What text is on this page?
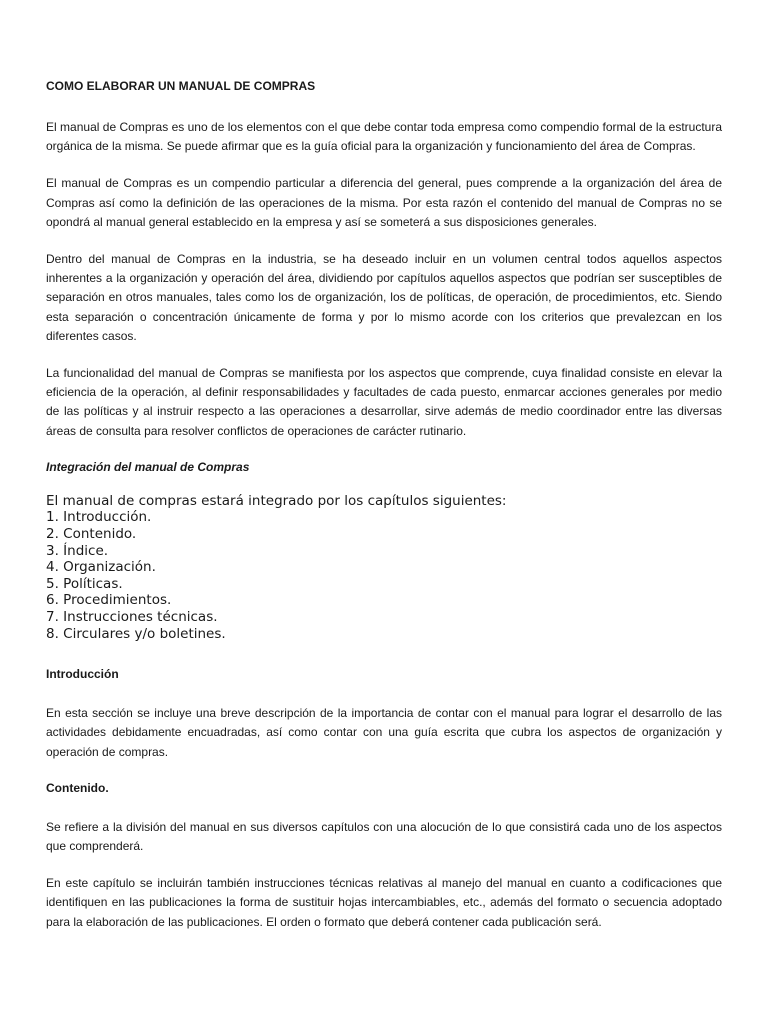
COMO ELABORAR UN MANUAL DE COMPRAS

El manual de Compras es uno de los elementos con el que debe contar toda empresa como compendio formal de la estructura orgánica de la misma. Se puede afirmar que es la guía oficial para la organización y funcionamiento del área de Compras.

El manual de Compras es un compendio particular a diferencia del general, pues comprende a la organización del área de Compras así como la definición de las operaciones de la misma. Por esta razón el contenido del manual de Compras no se opondrá al manual general establecido en la empresa y así se someterá a sus disposiciones generales.

Dentro del manual de Compras en la industria, se ha deseado incluir en un volumen central todos aquellos aspectos inherentes a la organización y operación del área, dividiendo por capítulos aquellos aspectos que podrían ser susceptibles de separación en otros manuales, tales como los de organización, los de políticas, de operación, de procedimientos, etc. Siendo esta separación o concentración únicamente de forma y por lo mismo acorde con los criterios que prevalezcan en los diferentes casos.

La funcionalidad del manual de Compras se manifiesta por los aspectos que comprende, cuya finalidad consiste en elevar la eficiencia de la operación, al definir responsabilidades y facultades de cada puesto, enmarcar acciones generales por medio de las políticas y al instruir respecto a las operaciones a desarrollar, sirve además de medio coordinador entre las diversas áreas de consulta para resolver conflictos de operaciones de carácter rutinario.

Integración del manual de Compras
El manual de compras estará integrado por los capítulos siguientes:
1. Introducción.
2. Contenido.
3. Índice.
4. Organización.
5. Políticas.
6. Procedimientos.
7. Instrucciones técnicas.
8. Circulares y/o boletines.
Introducción

En esta sección se incluye una breve descripción de la importancia de contar con el manual para lograr el desarrollo de las actividades debidamente encuadradas, así como contar con una guía escrita que cubra los aspectos de organización y operación de compras.

Contenido.

Se refiere a la división del manual en sus diversos capítulos con una alocución de lo que consistirá cada uno de los aspectos que comprenderá.

En este capítulo se incluirán también instrucciones técnicas relativas al manejo del manual en cuanto a codificaciones que identifiquen en las publicaciones la forma de sustituir hojas intercambiables, etc., además del formato o secuencia adoptado para la elaboración de las publicaciones. El orden o formato que deberá contener cada publicación será.
